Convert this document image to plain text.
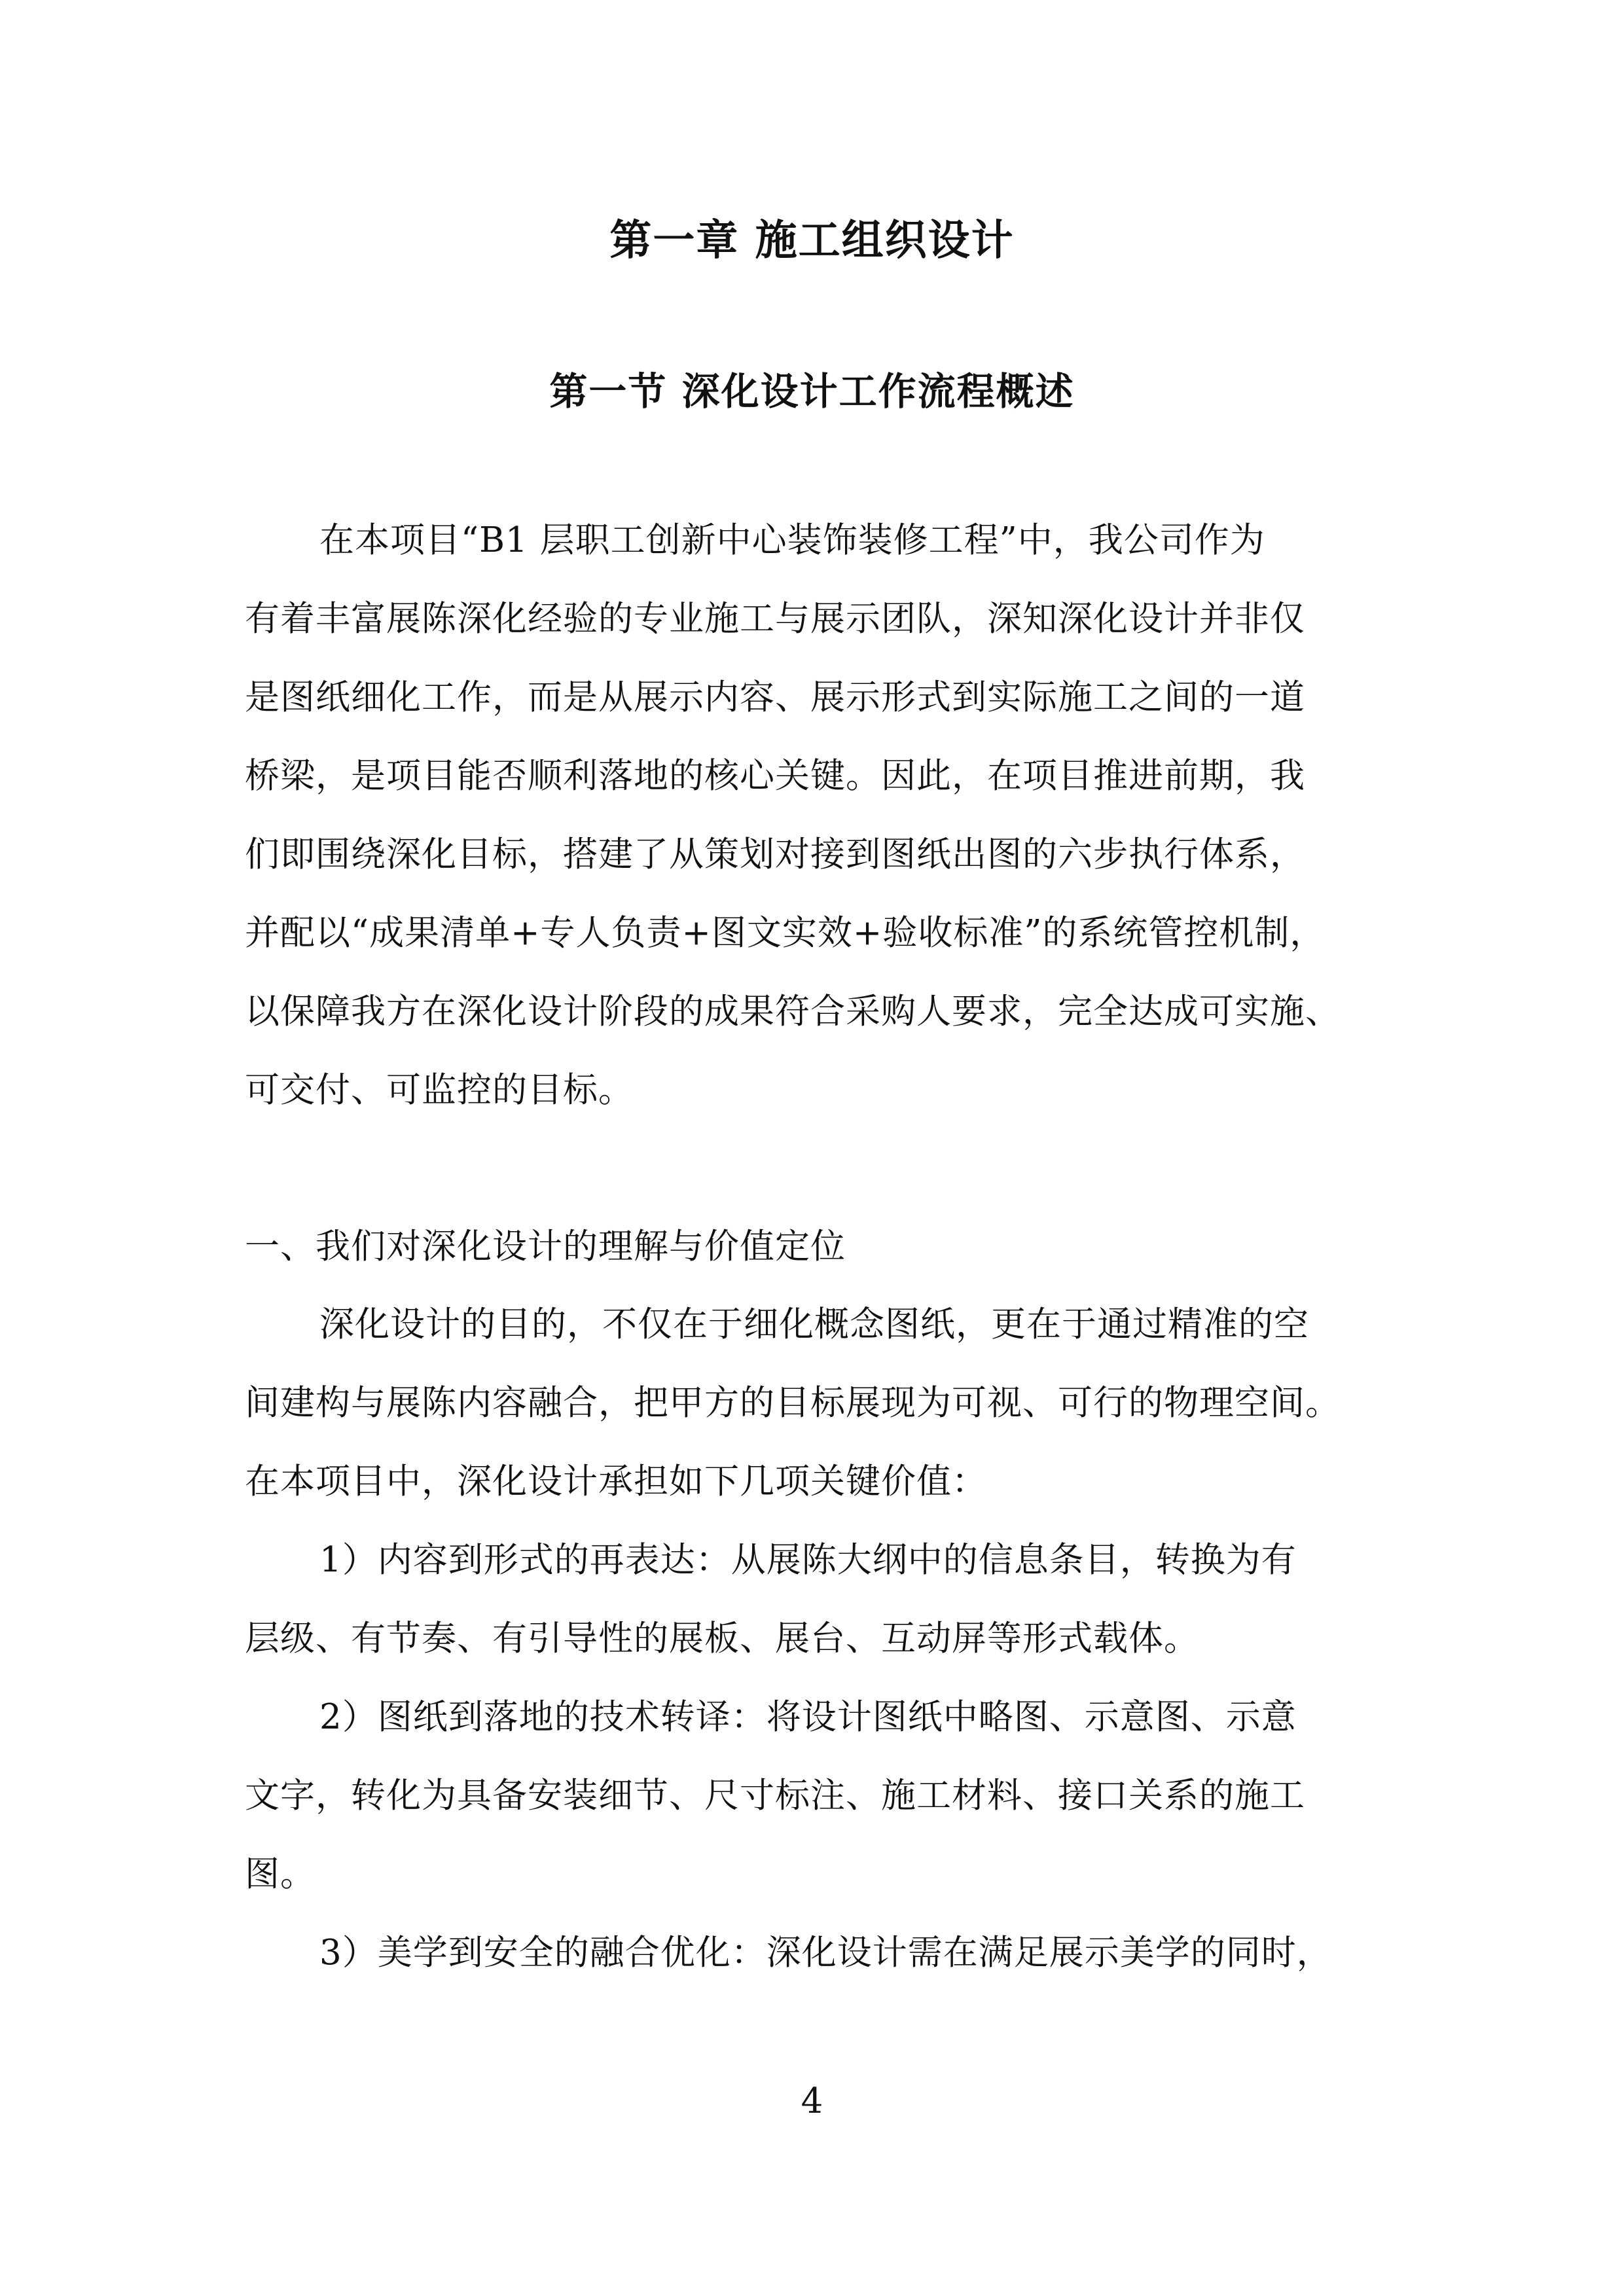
第一章 施工组织设计
第一节 深化设计工作流程概述
在本项目“B1 层职工创新中心装饰装修工程”中，我公司作为
有着丰富展陈深化经验的专业施工与展示团队，深知深化设计并非仅
是图纸细化工作，而是从展示内容、展示形式到实际施工之间的一道
桥梁，是项目能否顺利落地的核心关键。因此，在项目推进前期，我
们即围绕深化目标，搭建了从策划对接到图纸出图的六步执行体系，
并配以“成果清单+专人负责+图文实效+验收标准”的系统管控机制，
以保障我方在深化设计阶段的成果符合采购人要求，完全达成可实施、
可交付、可监控的目标。
一、我们对深化设计的理解与价值定位
深化设计的目的，不仅在于细化概念图纸，更在于通过精准的空
间建构与展陈内容融合，把甲方的目标展现为可视、可行的物理空间。
在本项目中，深化设计承担如下几项关键价值：
1）内容到形式的再表达：从展陈大纲中的信息条目，转换为有
层级、有节奏、有引导性的展板、展台、互动屏等形式载体。
2）图纸到落地的技术转译：将设计图纸中略图、示意图、示意
文字，转化为具备安装细节、尺寸标注、施工材料、接口关系的施工
图。
3）美学到安全的融合优化：深化设计需在满足展示美学的同时，
4
